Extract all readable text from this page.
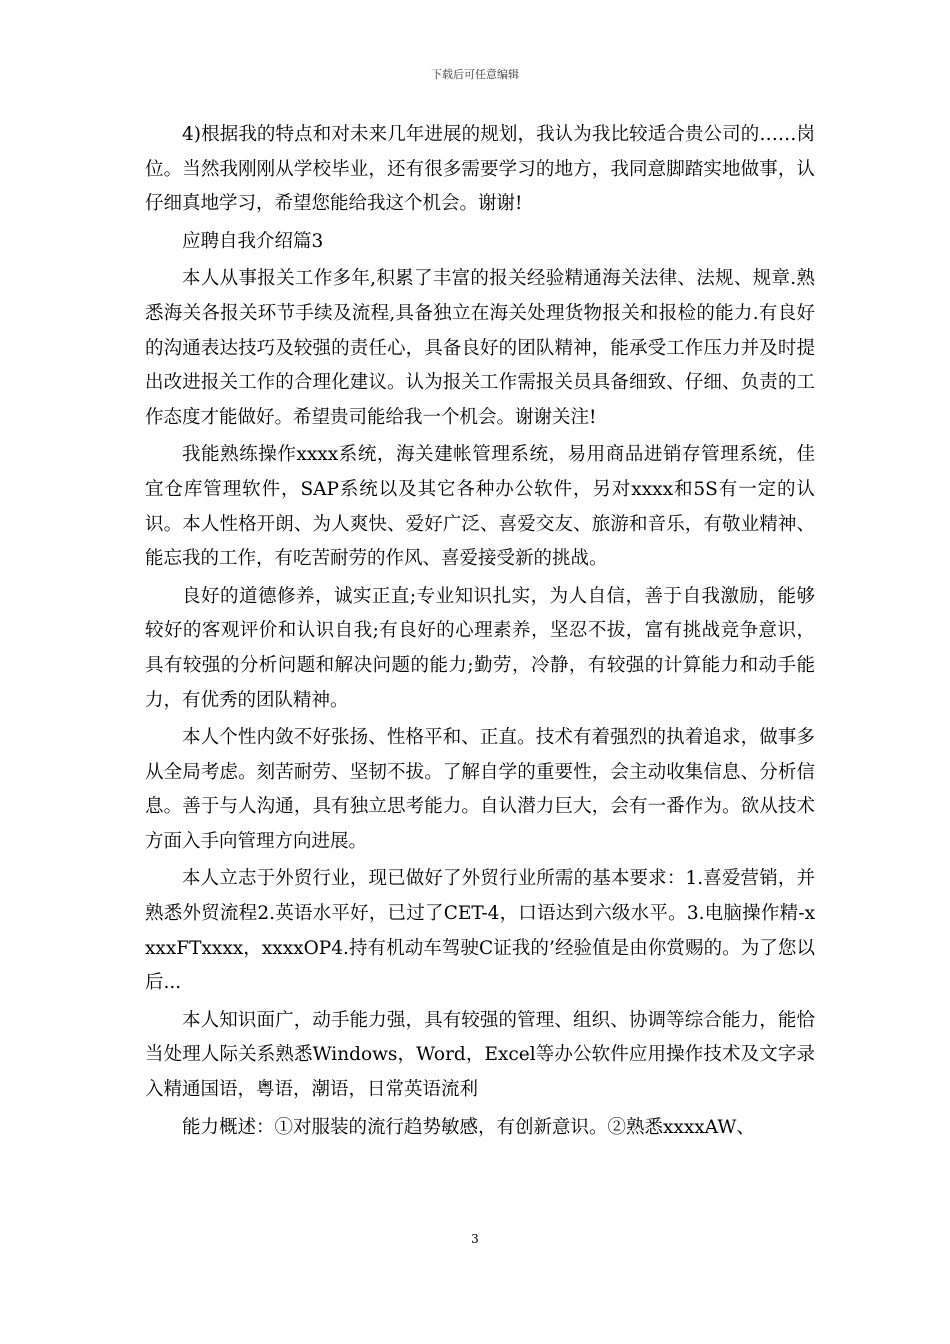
下载后可任意编辑

4)根据我的特点和对未来几年进展的规划，我认为我比较适合贵公司的……岗位。当然我刚刚从学校毕业，还有很多需要学习的地方，我同意脚踏实地做事，认仔细真地学习，希望您能给我这个机会。谢谢!

应聘自我介绍篇3

本人从事报关工作多年,积累了丰富的报关经验精通海关法律、法规、规章.熟悉海关各报关环节手续及流程,具备独立在海关处理货物报关和报检的能力.有良好的沟通表达技巧及较强的责任心，具备良好的团队精神，能承受工作压力并及时提出改进报关工作的合理化建议。认为报关工作需报关员具备细致、仔细、负责的工作态度才能做好。希望贵司能给我一个机会。谢谢关注!

我能熟练操作xxxx系统，海关建帐管理系统，易用商品进销存管理系统，佳宜仓库管理软件，SAP系统以及其它各种办公软件，另对xxxx和5S有一定的认识。本人性格开朗、为人爽快、爱好广泛、喜爱交友、旅游和音乐，有敬业精神、能忘我的工作，有吃苦耐劳的作风、喜爱接受新的挑战。

良好的道德修养，诚实正直;专业知识扎实，为人自信，善于自我激励，能够较好的客观评价和认识自我;有良好的心理素养，坚忍不拔，富有挑战竞争意识，具有较强的分析问题和解决问题的能力;勤劳，冷静，有较强的计算能力和动手能力，有优秀的团队精神。

本人个性内敛不好张扬、性格平和、正直。技术有着强烈的执着追求，做事多从全局考虑。刻苦耐劳、坚韧不拔。了解自学的重要性，会主动收集信息、分析信息。善于与人沟通，具有独立思考能力。自认潜力巨大，会有一番作为。欲从技术方面入手向管理方向进展。

本人立志于外贸行业，现已做好了外贸行业所需的基本要求：1.喜爱营销，并熟悉外贸流程2.英语水平好，已过了CET-4，口语达到六级水平。3.电脑操作精-xxxxFTxxxx，xxxxOP4.持有机动车驾驶C证我的’经验值是由你赏赐的。为了您以后...

本人知识面广，动手能力强，具有较强的管理、组织、协调等综合能力，能恰当处理人际关系熟悉Windows，Word，Excel等办公软件应用操作技术及文字录入精通国语，粤语，潮语，日常英语流利

能力概述：①对服装的流行趋势敏感，有创新意识。②熟悉xxxxAW、

3
